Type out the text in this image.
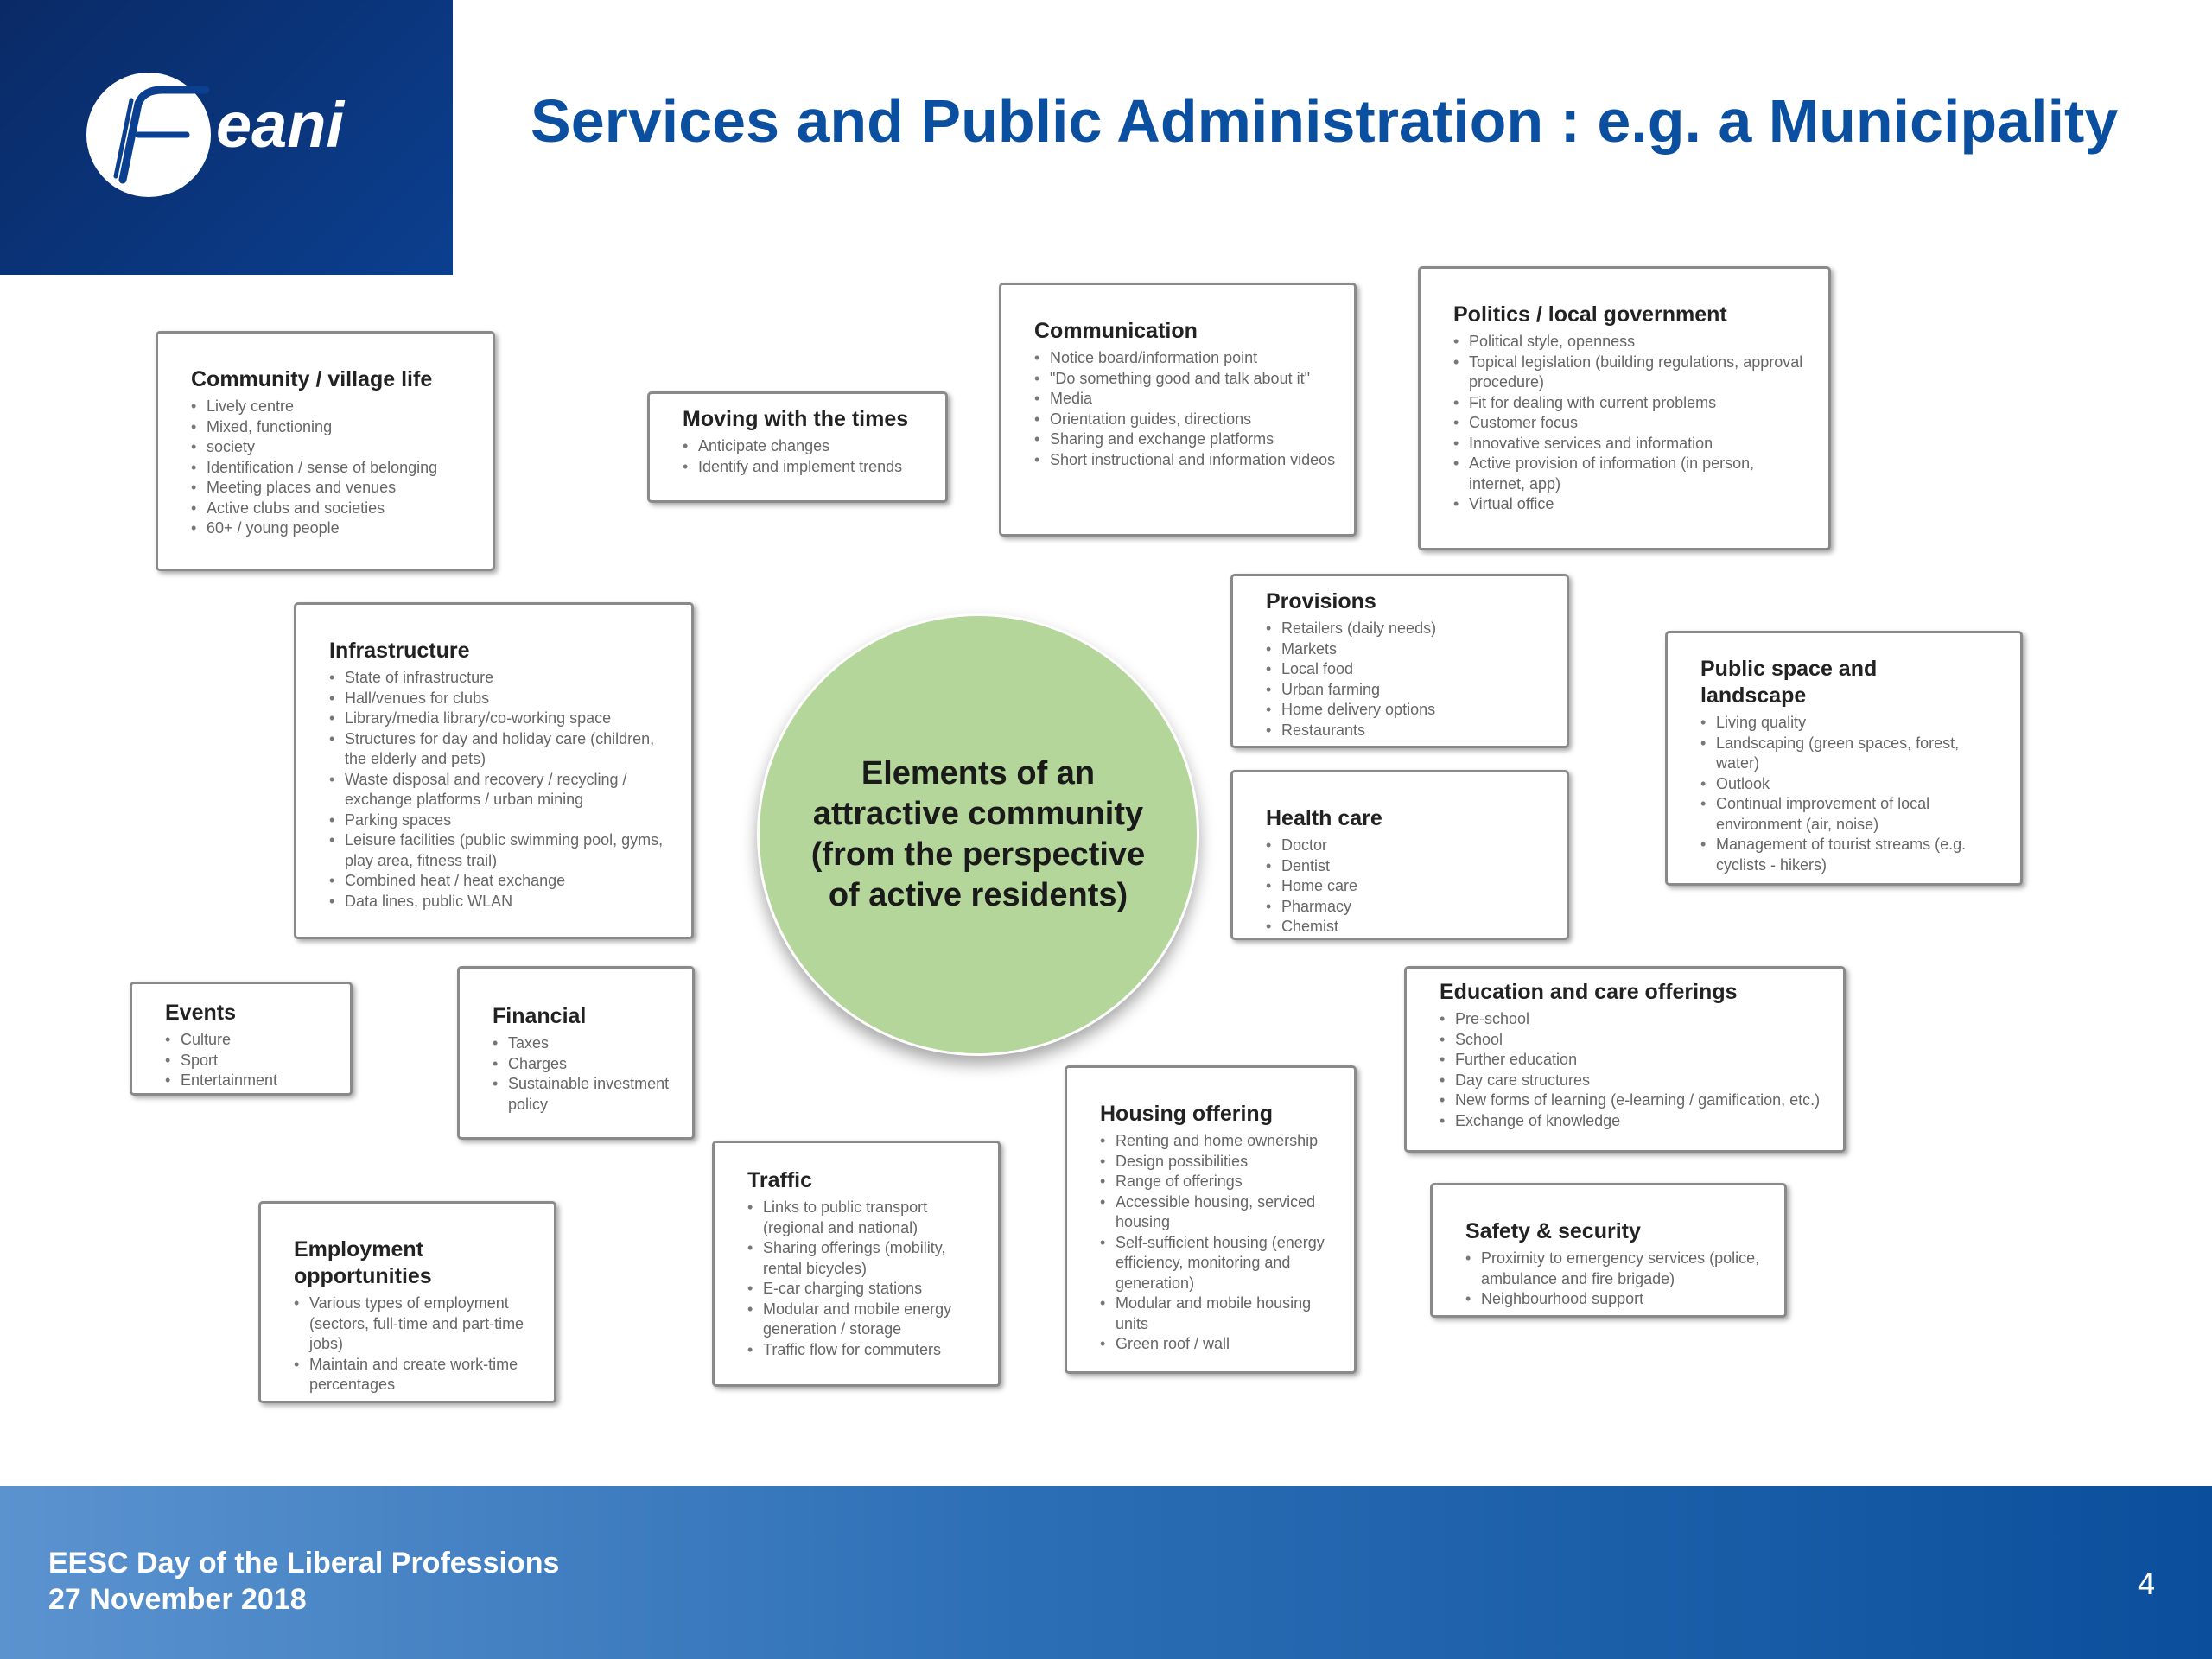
eani	Services and Public Administration : e.g. a Municipality
Community / village life
• Lively centre
• Mixed, functioning
• society
• Identification / sense of belonging
• Meeting places and venues
• Active clubs and societies
• 60+ / young people
Moving with the times
• Anticipate changes
• Identify and implement trends
Communication
• Notice board/information point
• "Do something good and talk about it"
• Media
• Orientation guides, directions
• Sharing and exchange platforms
• Short instructional and information videos
Politics / local government
• Political style, openness
• Topical legislation (building regulations, approval procedure)
• Fit for dealing with current problems
• Customer focus
• Innovative services and information
• Active provision of information (in person, internet, app)
• Virtual office
Infrastructure
• State of infrastructure
• Hall/venues for clubs
• Library/media library/co-working space
• Structures for day and holiday care (children, the elderly and pets)
• Waste disposal and recovery / recycling / exchange platforms / urban mining
• Parking spaces
• Leisure facilities (public swimming pool, gyms, play area, fitness trail)
• Combined heat / heat exchange
• Data lines, public WLAN
Provisions
• Retailers (daily needs)
• Markets
• Local food
• Urban farming
• Home delivery options
• Restaurants
Public space and landscape
• Living quality
• Landscaping (green spaces, forest, water)
• Outlook
• Continual improvement of local environment (air, noise)
• Management of tourist streams (e.g. cyclists - hikers)
Health care
• Doctor
• Dentist
• Home care
• Pharmacy
• Chemist
Events
• Culture
• Sport
• Entertainment
Financial
• Taxes
• Charges
• Sustainable investment policy
Education and care offerings
• Pre-school
• School
• Further education
• Day care structures
• New forms of learning (e-learning / gamification, etc.)
• Exchange of knowledge
Housing offering
• Renting and home ownership
• Design possibilities
• Range of offerings
• Accessible housing, serviced housing
• Self-sufficient housing (energy efficiency, monitoring and generation)
• Modular and mobile housing units
• Green roof / wall
Traffic
• Links to public transport (regional and national)
• Sharing offerings (mobility, rental bicycles)
• E-car charging stations
• Modular and mobile energy generation / storage
• Traffic flow for commuters
Employment opportunities
• Various types of employment (sectors, full-time and part-time jobs)
• Maintain and create work-time percentages
Safety & security
• Proximity to emergency services (police, ambulance and fire brigade)
• Neighbourhood support
Elements of an attractive community (from the perspective of active residents)
EESC Day of the Liberal Professions
27 November 2018	4
